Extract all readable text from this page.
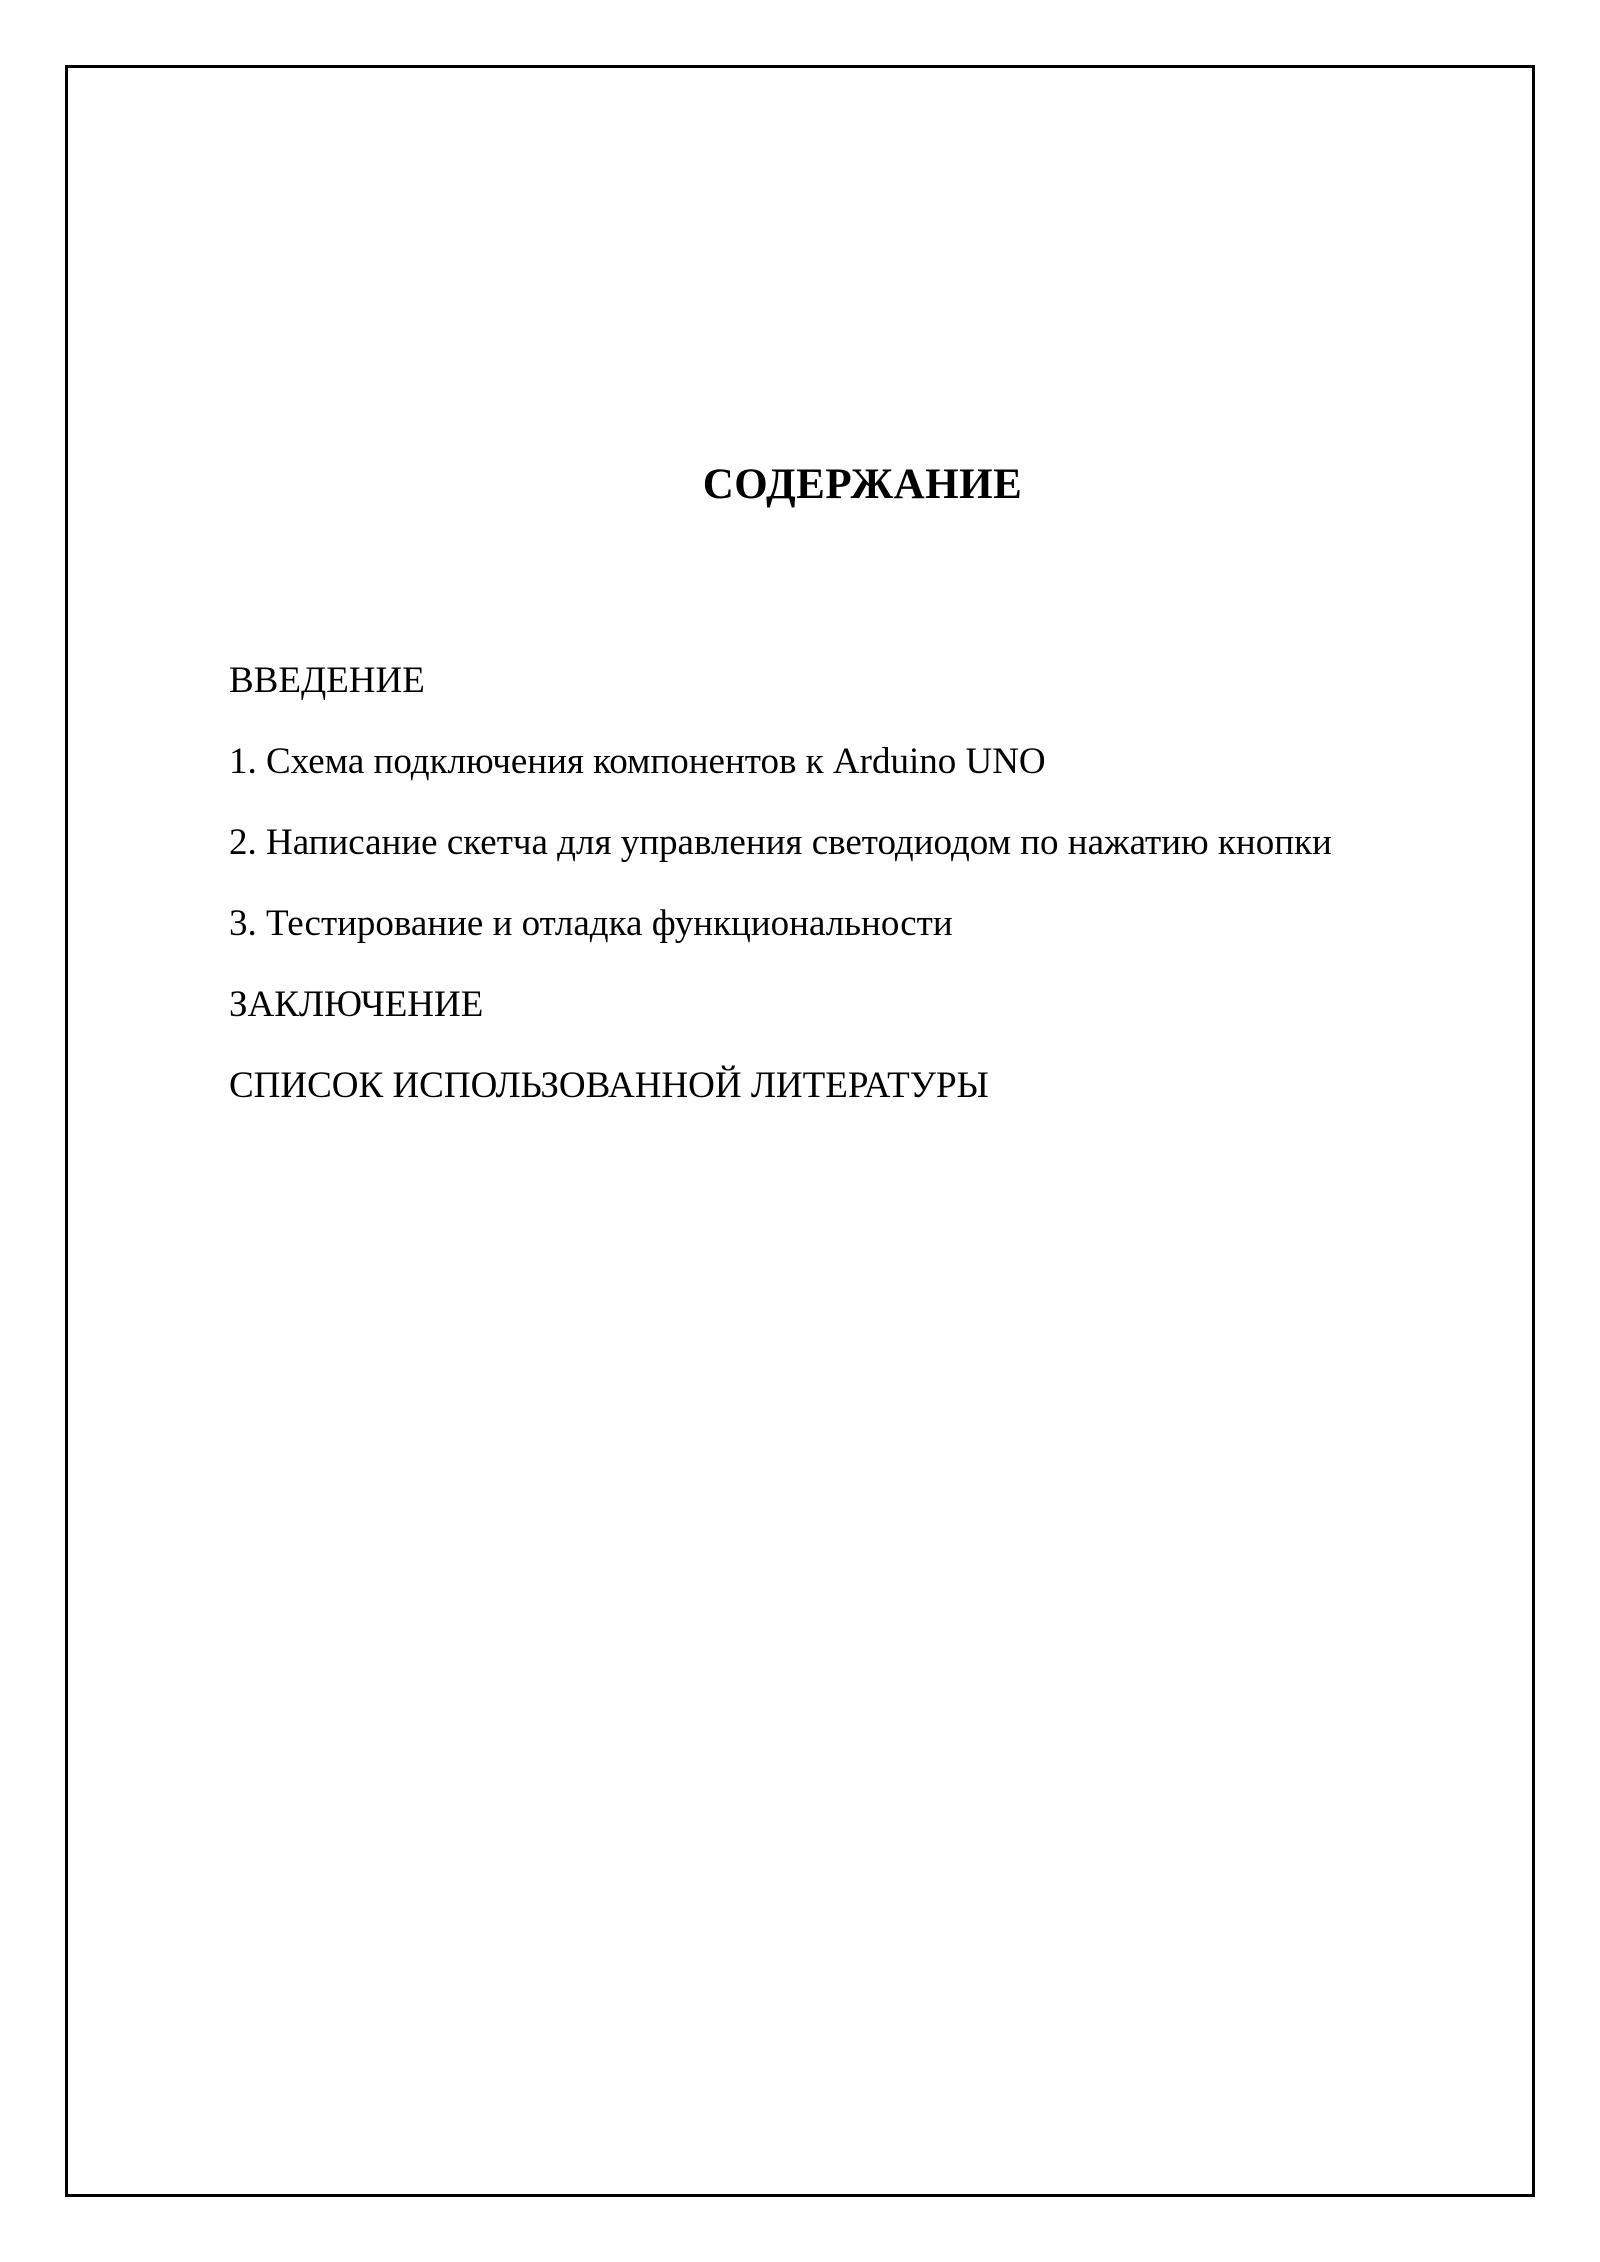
СОДЕРЖАНИЕ
ВВЕДЕНИЕ
1. Схема подключения компонентов к Arduino UNO
2. Написание скетча для управления светодиодом по нажатию кнопки
3. Тестирование и отладка функциональности
ЗАКЛЮЧЕНИЕ
СПИСОК ИСПОЛЬЗОВАННОЙ ЛИТЕРАТУРЫ
